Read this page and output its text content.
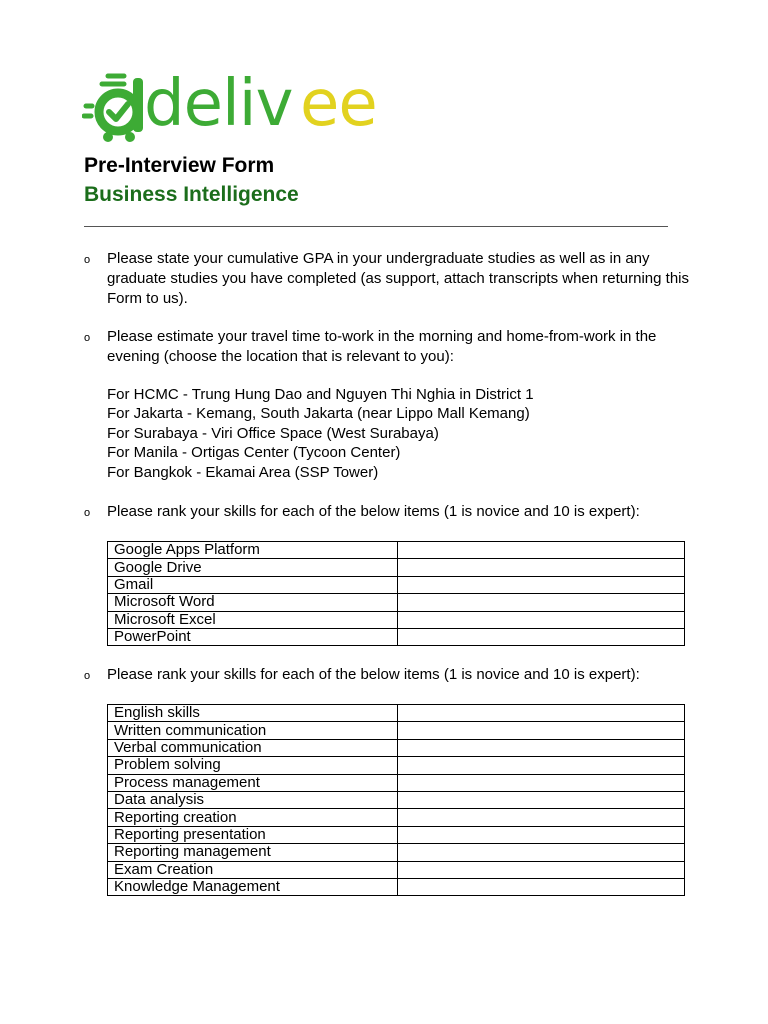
deliv ee
Pre-Interview Form
Business Intelligence
o Please state your cumulative GPA in your undergraduate studies as well as in any graduate studies you have completed (as support, attach transcripts when returning this Form to us).
o Please estimate your travel time to-work in the morning and home-from-work in the evening (choose the location that is relevant to you):
For HCMC - Trung Hung Dao and Nguyen Thi Nghia in District 1
For Jakarta - Kemang, South Jakarta (near Lippo Mall Kemang)
For Surabaya - Viri Office Space (West Surabaya)
For Manila - Ortigas Center (Tycoon Center)
For Bangkok - Ekamai Area (SSP Tower)
o Please rank your skills for each of the below items (1 is novice and 10 is expert):
Google Apps Platform	
Google Drive	
Gmail	
Microsoft Word	
Microsoft Excel	
PowerPoint	
o Please rank your skills for each of the below items (1 is novice and 10 is expert):
English skills	
Written communication	
Verbal communication	
Problem solving	
Process management	
Data analysis	
Reporting creation	
Reporting presentation	
Reporting management	
Exam Creation	
Knowledge Management	
